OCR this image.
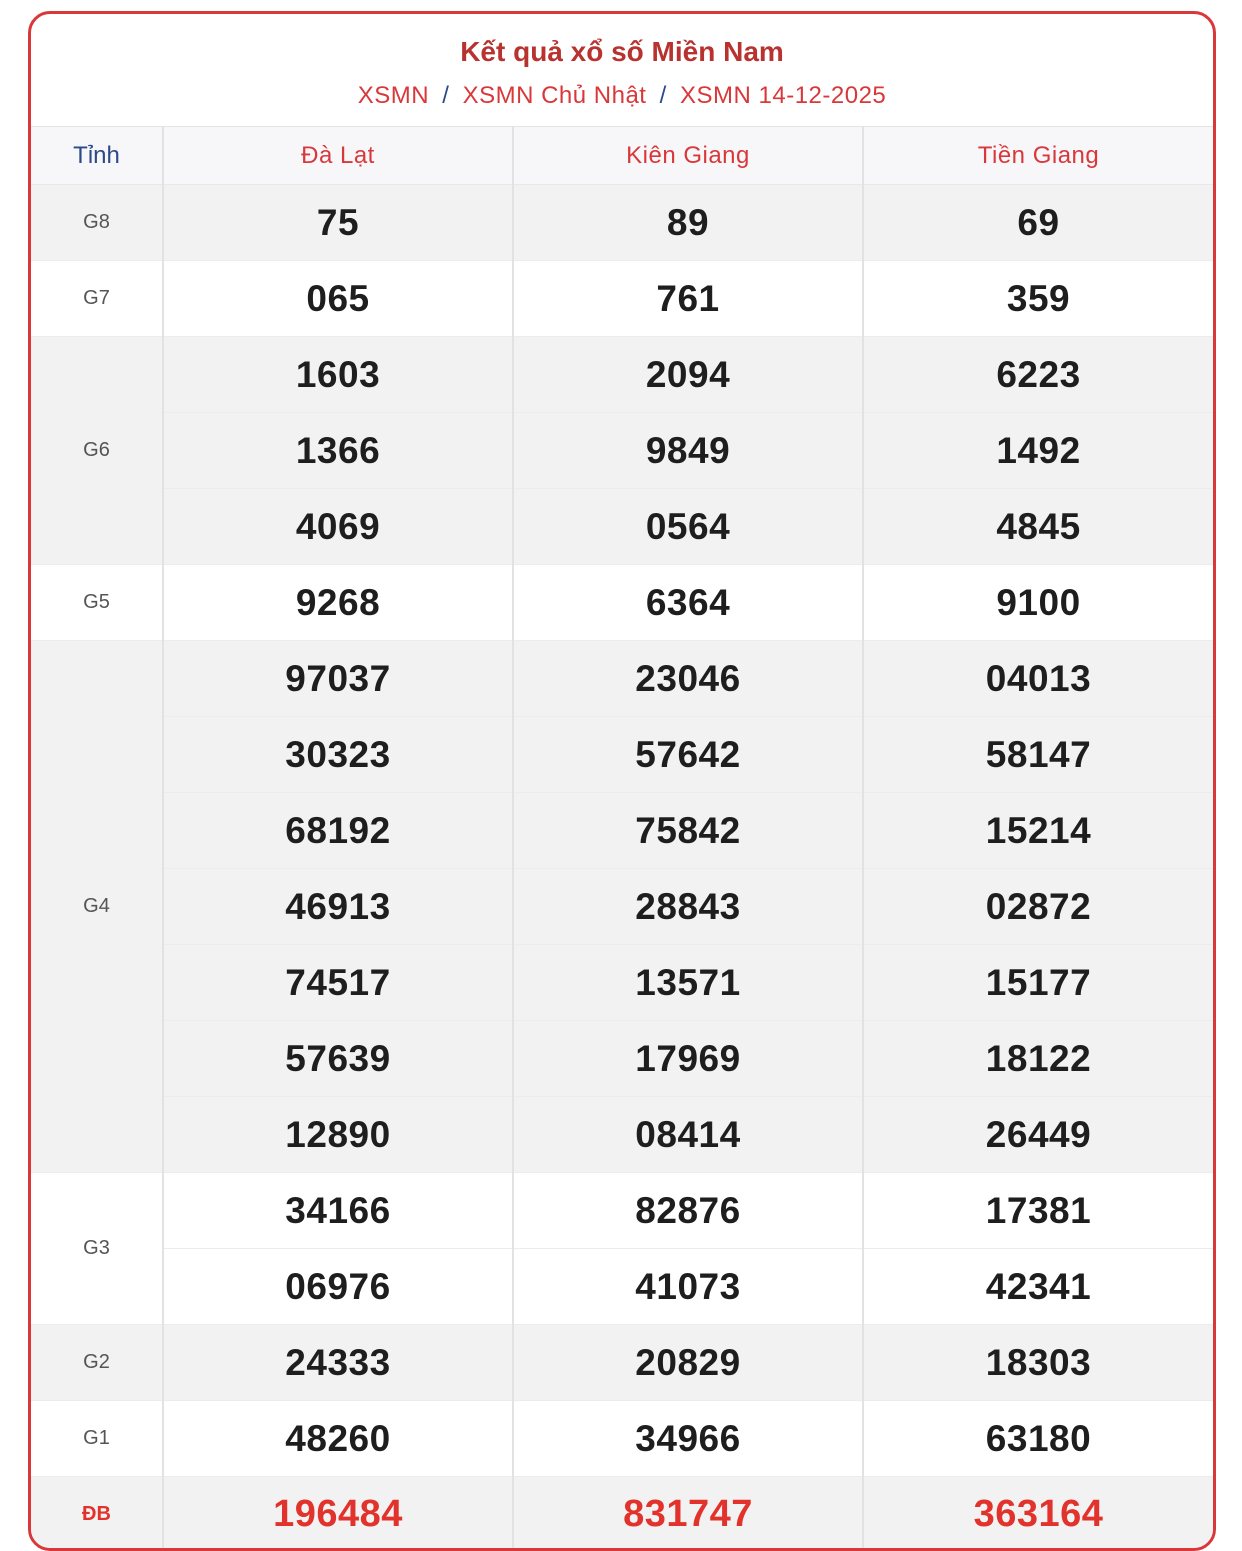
Kết quả xổ số Miền Nam
XSMN / XSMN Chủ Nhật / XSMN 14-12-2025
Tỉnh	Đà Lạt	Kiên Giang	Tiền Giang
G8	75	89	69
G7	065	761	359
G6	1603	2094	6223
	1366	9849	1492
	4069	0564	4845
G5	9268	6364	9100
G4	97037	23046	04013
	30323	57642	58147
	68192	75842	15214
	46913	28843	02872
	74517	13571	15177
	57639	17969	18122
	12890	08414	26449
G3	34166	82876	17381
	06976	41073	42341
G2	24333	20829	18303
G1	48260	34966	63180
ĐB	196484	831747	363164
